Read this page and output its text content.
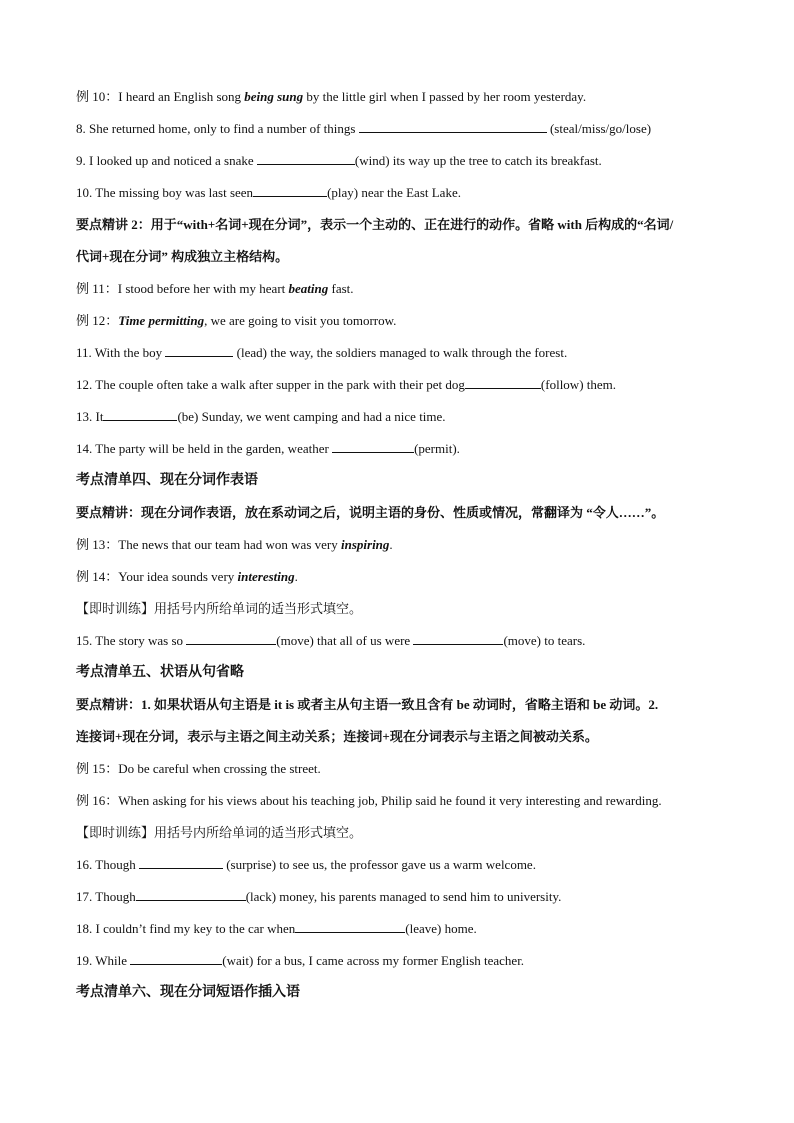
例 10：I heard an English song being sung by the little girl when I passed by her room yesterday.
8. She returned home, only to find a number of things	(steal/miss/go/lose)
9. I looked up and noticed a snake	(wind) its way up the tree to catch its breakfast.
10. The missing boy was last seen	(play) near the East Lake.
要点精讲 2：用于“with+名词+现在分词”，表示一个主动的、正在进行的动作。省略 with 后构成的“名词/
代词+现在分词” 构成独立主格结构。
例 11：I stood before her with my heart beating fast.
例 12：Time permitting, we are going to visit you tomorrow.
11. With the boy	(lead) the way, the soldiers managed to walk through the forest.
12. The couple often take a walk after supper in the park with their pet dog	(follow) them.
13. It	(be) Sunday, we went camping and had a nice time.
14. The party will be held in the garden, weather	(permit).
考点清单四、现在分词作表语
要点精讲：现在分词作表语，放在系动词之后，说明主语的身份、性质或情况，常翻译为 “令人……”。
例 13：The news that our team had won was very inspiring.
例 14：Your idea sounds very interesting.
【即时训练】用括号内所给单词的适当形式填空。
15. The story was so	(move) that all of us were	(move) to tears.
考点清单五、状语从句省略
要点精讲：1. 如果状语从句主语是 it is 或者主从句主语一致且含有 be 动词时，省略主语和 be 动词。2.
连接词+现在分词，表示与主语之间主动关系；连接词+现在分词表示与主语之间被动关系。
例 15：Do be careful when crossing the street.
例 16：When asking for his views about his teaching job, Philip said he found it very interesting and rewarding.
【即时训练】用括号内所给单词的适当形式填空。
16. Though	(surprise) to see us, the professor gave us a warm welcome.
17. Though	(lack) money, his parents managed to send him to university.
18. I couldn’t find my key to the car when	(leave) home.
19. While	(wait) for a bus, I came across my former English teacher.
考点清单六、现在分词短语作插入语
